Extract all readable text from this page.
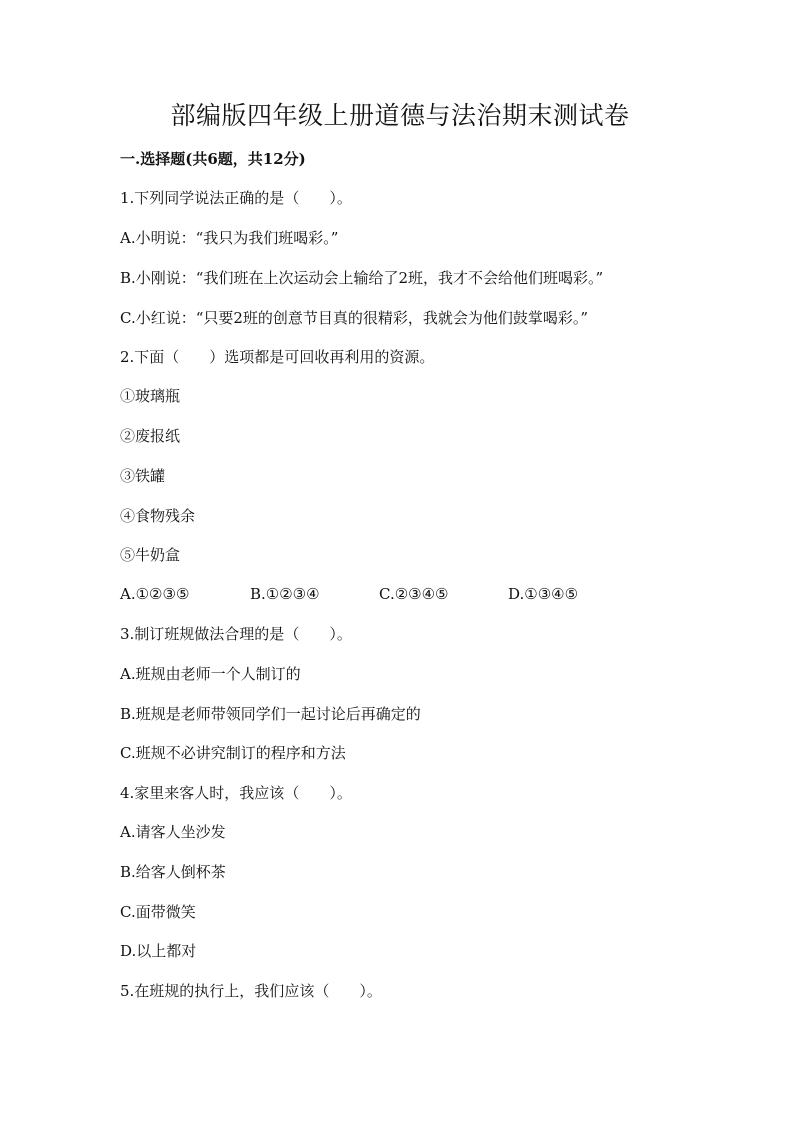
部编版四年级上册道德与法治期末测试卷
一.选择题(共6题，共12分)
1.下列同学说法正确的是（　　）。
A.小明说：“我只为我们班喝彩。”
B.小刚说：“我们班在上次运动会上输给了2班，我才不会给他们班喝彩。”
C.小红说：“只要2班的创意节目真的很精彩，我就会为他们鼓掌喝彩。”
2.下面（　　）选项都是可回收再利用的资源。
①玻璃瓶
②废报纸
③铁罐
④食物残余
⑤牛奶盒
A.①②③⑤	B.①②③④	C.②③④⑤	D.①③④⑤
3.制订班规做法合理的是（　　）。
A.班规由老师一个人制订的
B.班规是老师带领同学们一起讨论后再确定的
C.班规不必讲究制订的程序和方法
4.家里来客人时，我应该（　　）。
A.请客人坐沙发
B.给客人倒杯茶
C.面带微笑
D.以上都对
5.在班规的执行上，我们应该（　　）。
